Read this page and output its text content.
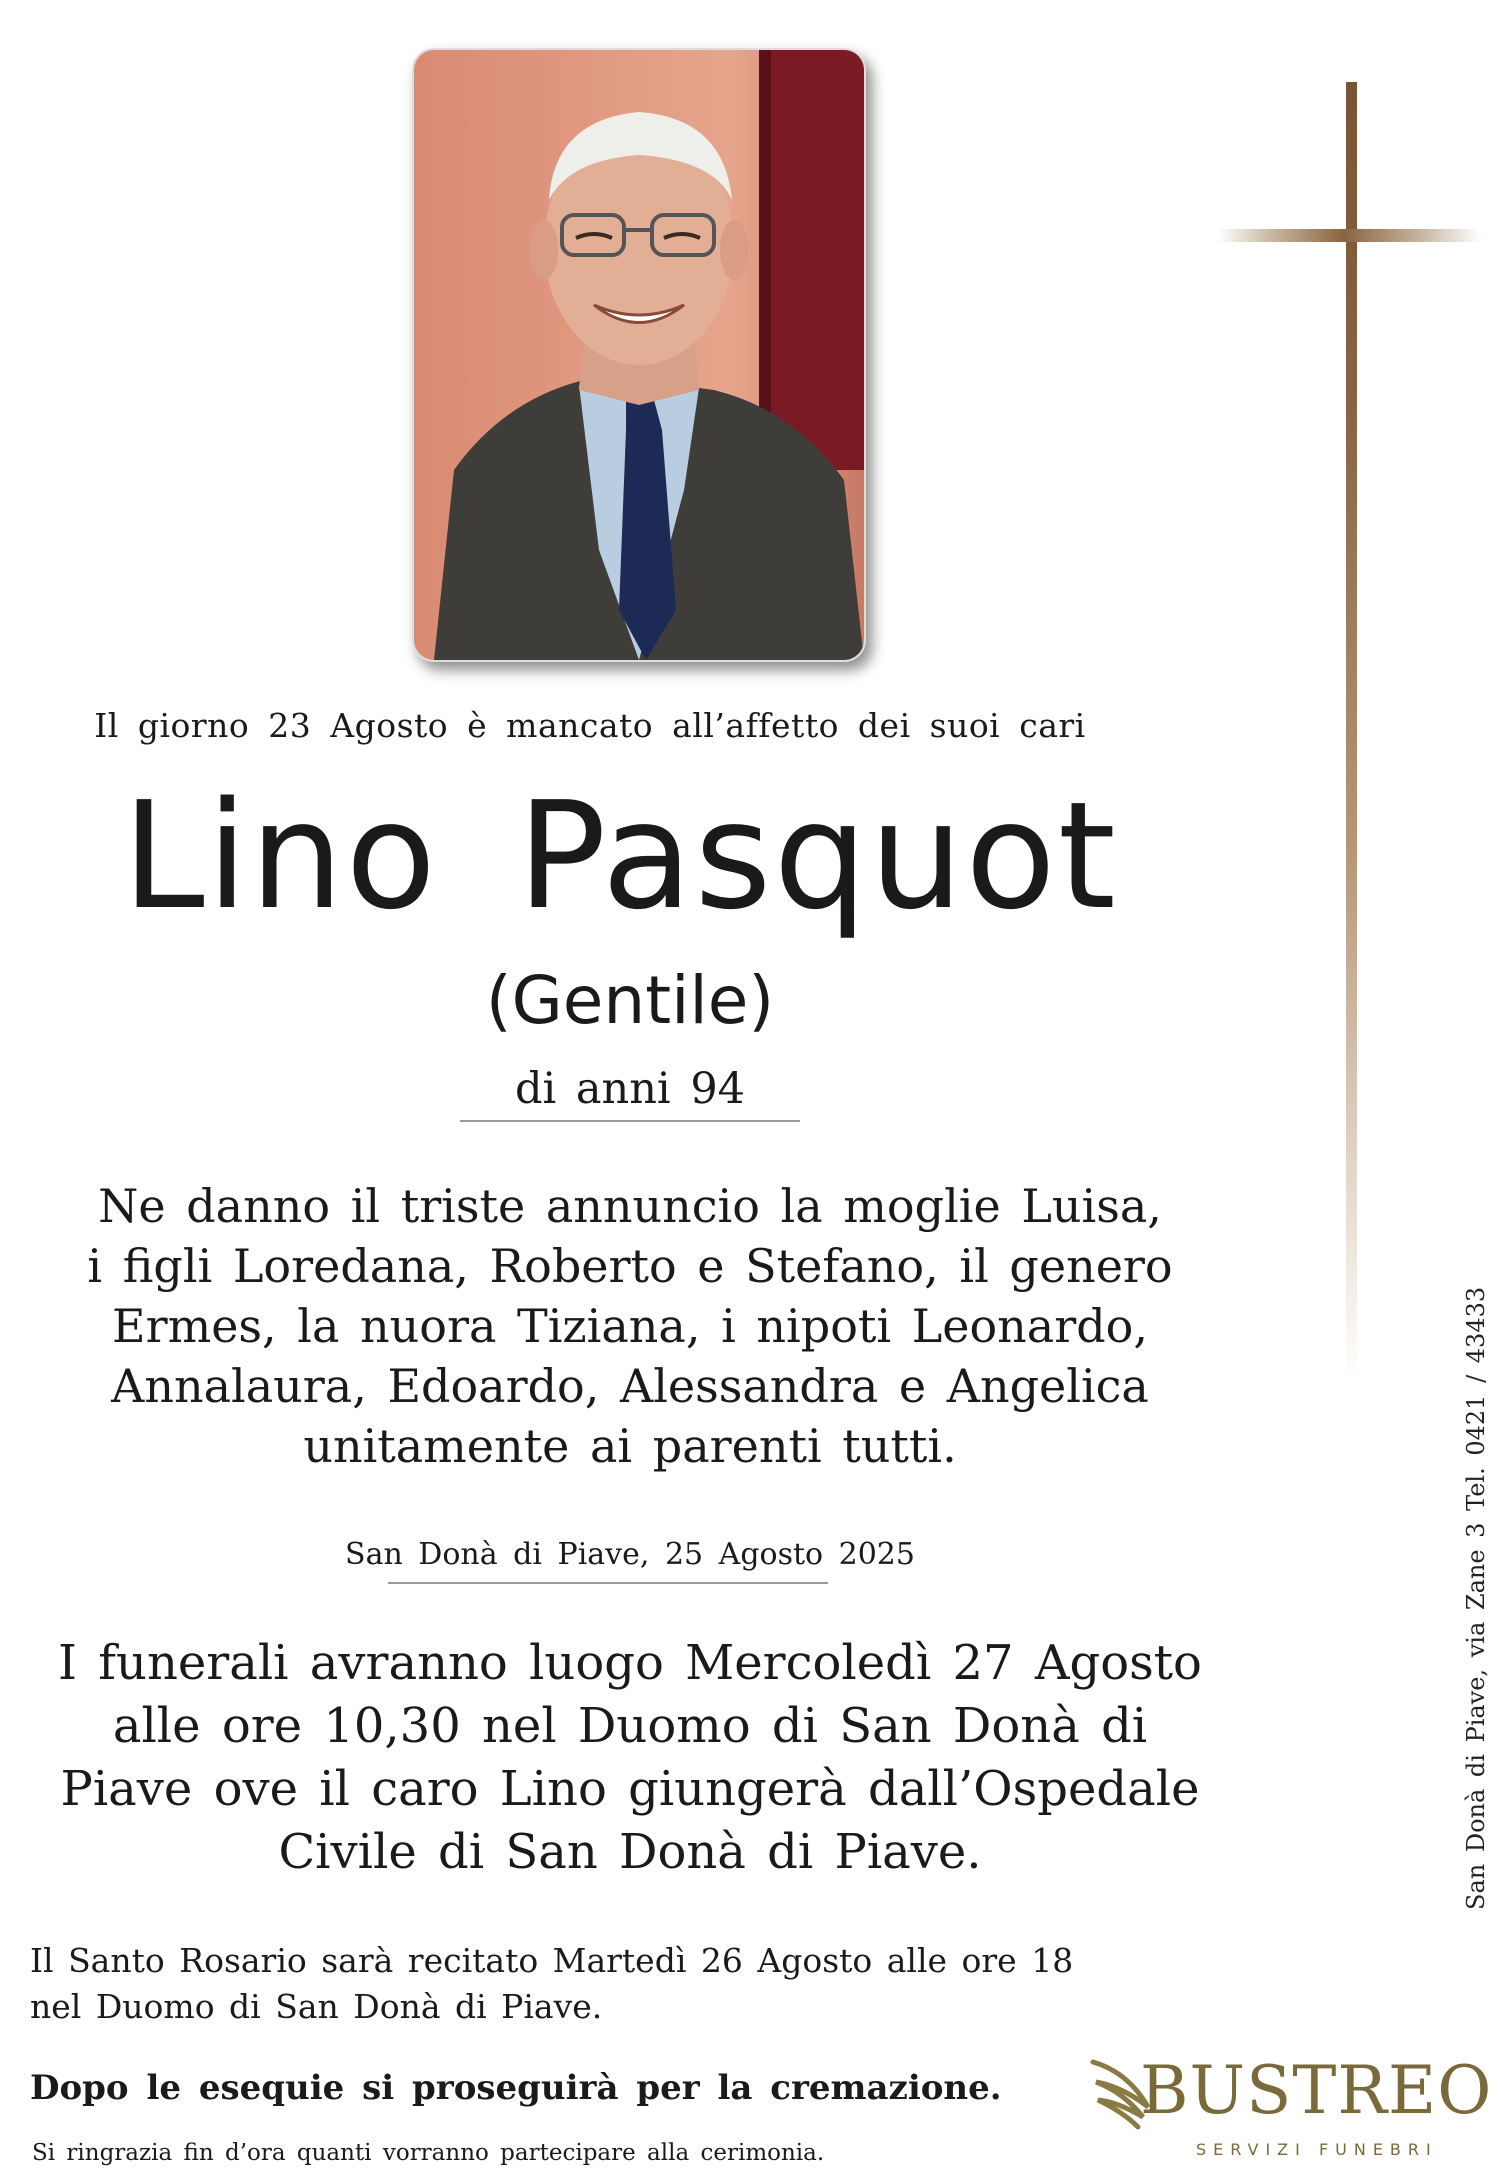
Il giorno 23 Agosto è mancato all’affetto dei suoi cari
Lino Pasquot
(Gentile)
di anni 94
Ne danno il triste annuncio la moglie Luisa,
i figli Loredana, Roberto e Stefano, il genero
Ermes, la nuora Tiziana, i nipoti Leonardo,
Annalaura, Edoardo, Alessandra e Angelica
unitamente ai parenti tutti.
San Donà di Piave, 25 Agosto 2025
I funerali avranno luogo Mercoledì 27 Agosto
alle ore 10,30 nel Duomo di San Donà di
Piave ove il caro Lino giungerà dall’Ospedale
Civile di San Donà di Piave.
Il Santo Rosario sarà recitato Martedì 26 Agosto alle ore 18
nel Duomo di San Donà di Piave.
Dopo le esequie si proseguirà per la cremazione.
Si ringrazia fin d’ora quanti vorranno partecipare alla cerimonia.
San Donà di Piave, via Zane 3 Tel. 0421 / 43433
BUSTREO
SERVIZI FUNEBRI
